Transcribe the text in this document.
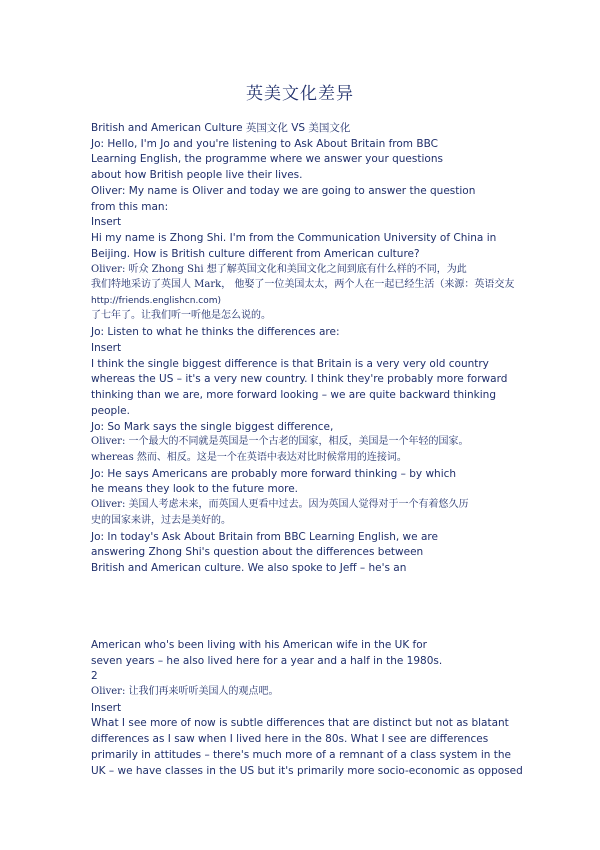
英美文化差异
British and American Culture 英国文化 VS 美国文化
Jo: Hello, I'm Jo and you're listening to Ask About Britain from BBC
Learning English, the programme where we answer your questions
about how British people live their lives.
Oliver: My name is Oliver and today we are going to answer the question
from this man:
Insert
Hi my name is Zhong Shi. I'm from the Communication University of China in
Beijing. How is British culture different from American culture?
Oliver: 听众 Zhong Shi 想了解英国文化和美国文化之间到底有什么样的不同，为此
我们特地采访了英国人 Mark， 他娶了一位美国太太，两个人在一起已经生活（来源：英语交友
http://friends.englishcn.com)
了七年了。让我们听一听他是怎么说的。
Jo: Listen to what he thinks the differences are:
Insert
I think the single biggest difference is that Britain is a very very old country
whereas the US – it's a very new country. I think they're probably more forward
thinking than we are, more forward looking – we are quite backward thinking
people.
Jo: So Mark says the single biggest difference,
Oliver: 一个最大的不同就是英国是一个古老的国家，相反，美国是一个年轻的国家。
whereas 然而、相反。这是一个在英语中表达对比时候常用的连接词。
Jo: He says Americans are probably more forward thinking – by which
he means they look to the future more.
Oliver: 美国人考虑未来，而英国人更看中过去。因为英国人觉得对于一个有着悠久历
史的国家来讲，过去是美好的。
Jo: In today's Ask About Britain from BBC Learning English, we are
answering Zhong Shi's question about the differences between
British and American culture. We also spoke to Jeff – he's an
American who's been living with his American wife in the UK for
seven years – he also lived here for a year and a half in the 1980s.
2
Oliver: 让我们再来听听美国人的观点吧。
Insert
What I see more of now is subtle differences that are distinct but not as blatant
differences as I saw when I lived here in the 80s. What I see are differences
primarily in attitudes – there's much more of a remnant of a class system in the
UK – we have classes in the US but it's primarily more socio-economic as opposed
